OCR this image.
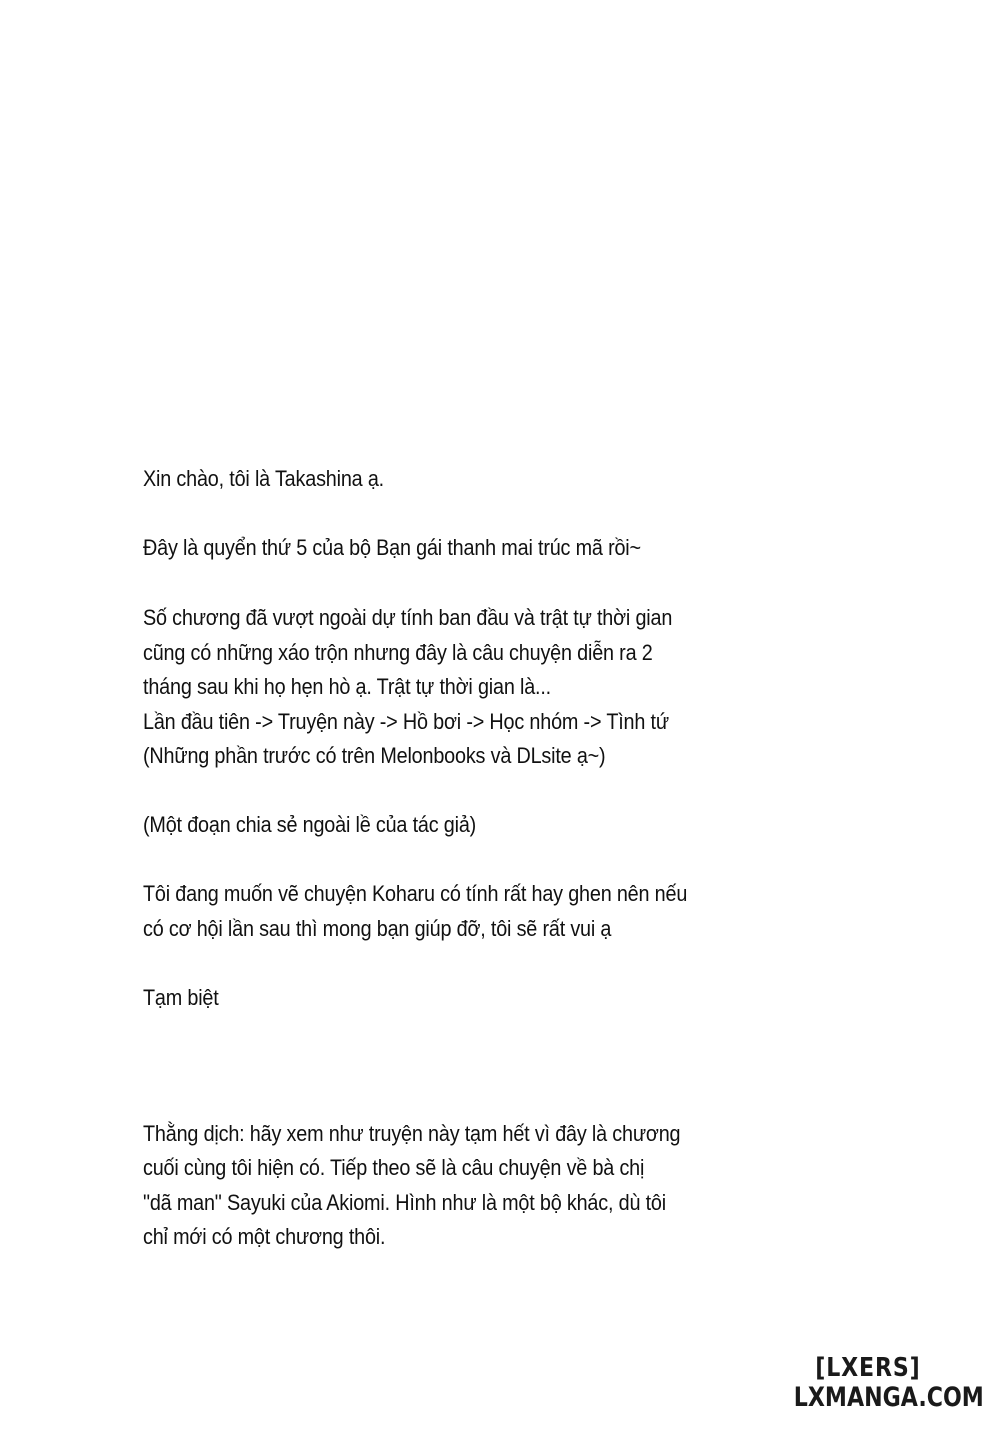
Xin chào, tôi là Takashina ạ.

Đây là quyển thứ 5 của bộ Bạn gái thanh mai trúc mã rồi~

Số chương đã vượt ngoài dự tính ban đầu và trật tự thời gian
cũng có những xáo trộn nhưng đây là câu chuyện diễn ra 2
tháng sau khi họ hẹn hò ạ. Trật tự thời gian là...
Lần đầu tiên -> Truyện này -> Hồ bơi -> Học nhóm -> Tình tứ
(Những phần trước có trên Melonbooks và DLsite ạ~)

(Một đoạn chia sẻ ngoài lề của tác giả)

Tôi đang muốn vẽ chuyện Koharu có tính rất hay ghen nên nếu
có cơ hội lần sau thì mong bạn giúp đỡ, tôi sẽ rất vui ạ

Tạm biệt

Thằng dịch: hãy xem như truyện này tạm hết vì đây là chương
cuối cùng tôi hiện có. Tiếp theo sẽ là câu chuyện về bà chị
"dã man" Sayuki của Akiomi. Hình như là một bộ khác, dù tôi
chỉ mới có một chương thôi.

[LXERS]
LXMANGA.COM
